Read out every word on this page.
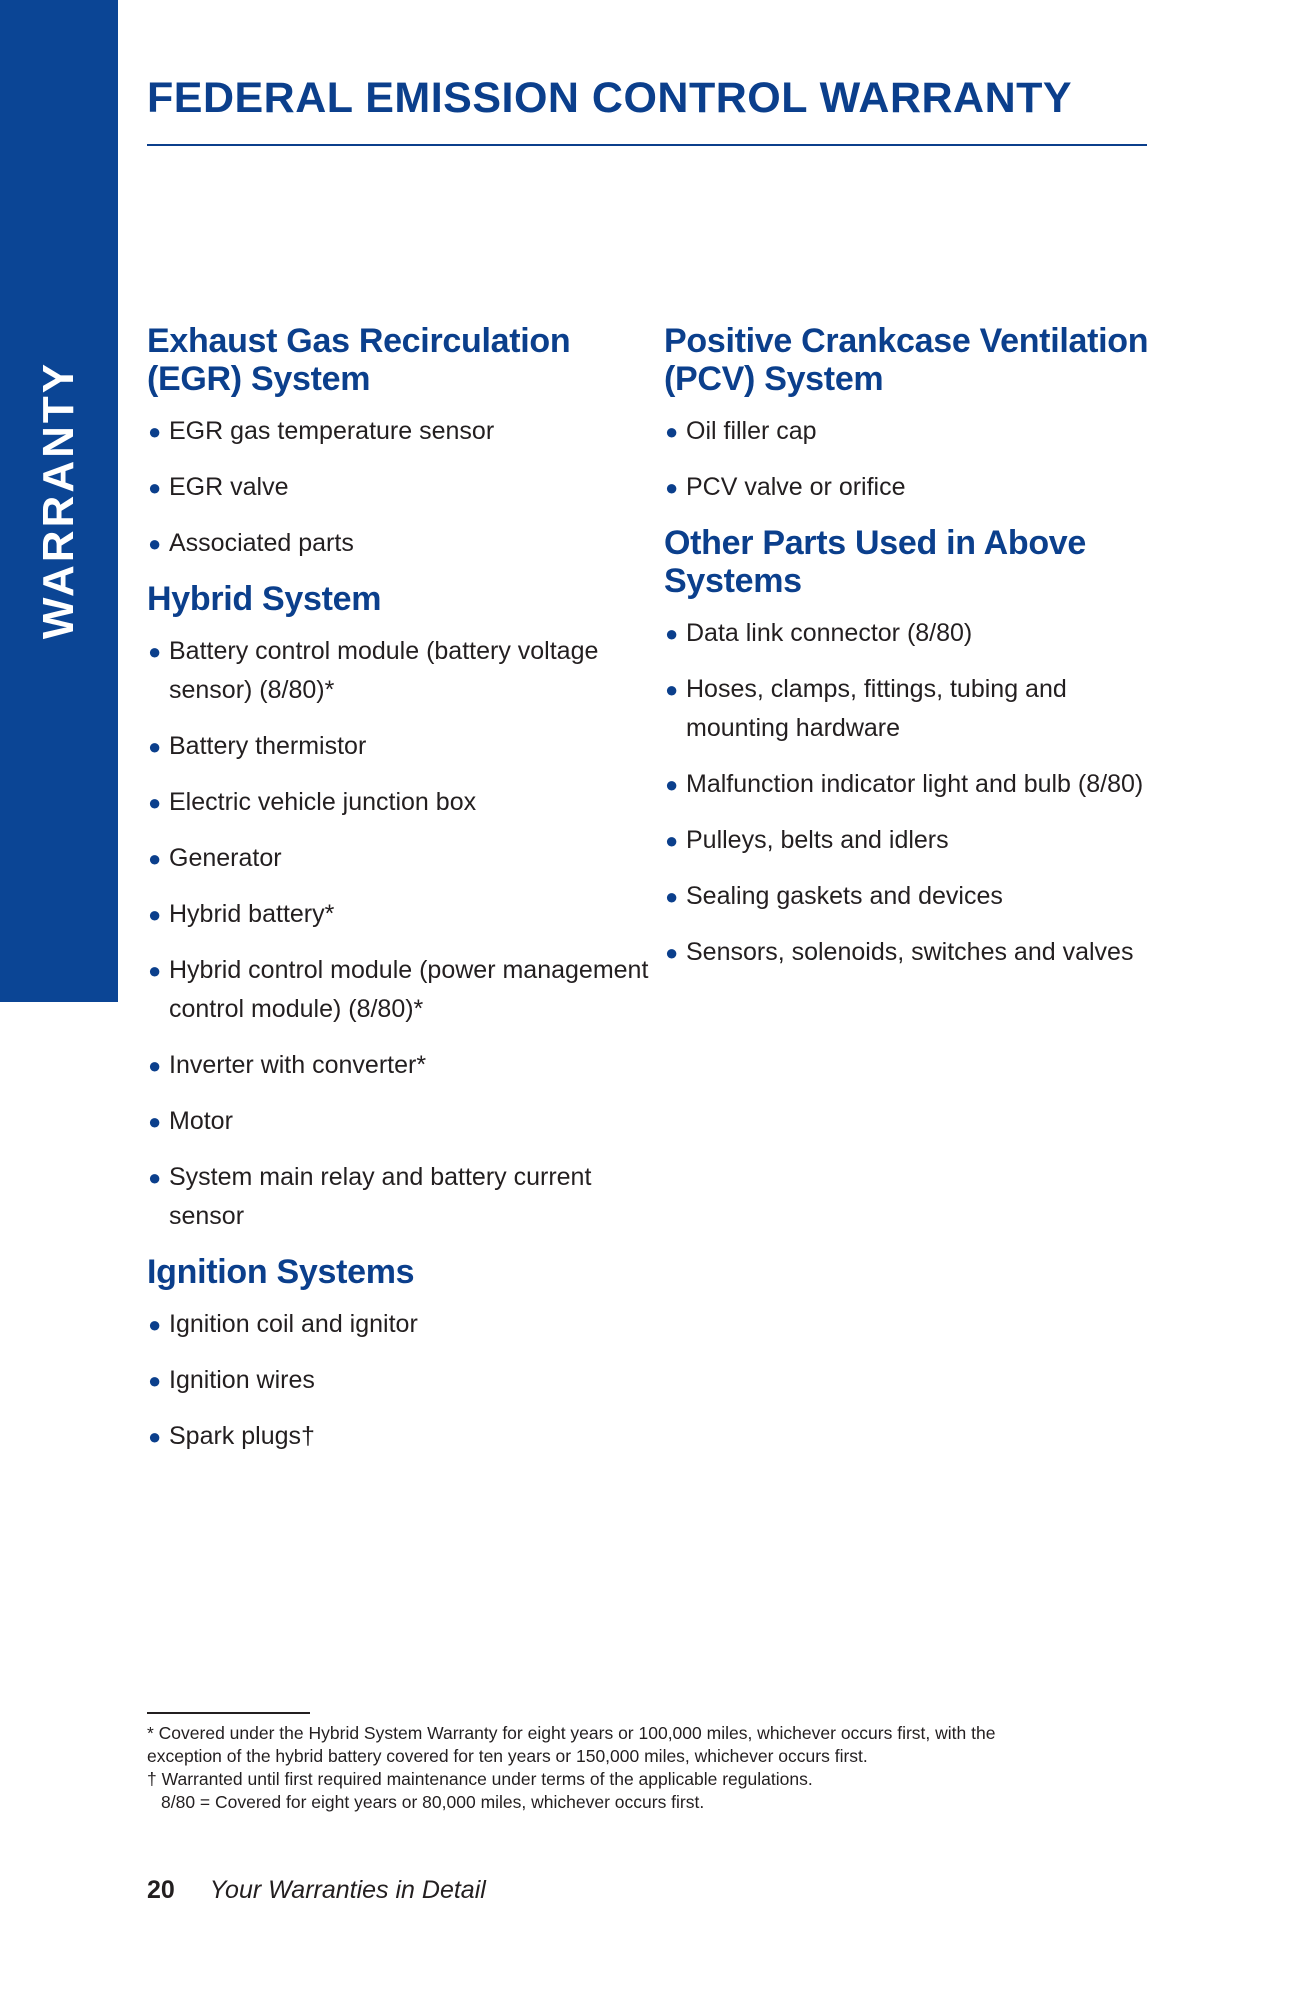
WARRANTY
FEDERAL EMISSION CONTROL WARRANTY
Exhaust Gas Recirculation (EGR) System
● EGR gas temperature sensor
● EGR valve
● Associated parts
Hybrid System
● Battery control module (battery voltage sensor) (8/80)*
● Battery thermistor
● Electric vehicle junction box
● Generator
● Hybrid battery*
● Hybrid control module (power management control module) (8/80)*
● Inverter with converter*
● Motor
● System main relay and battery current sensor
Ignition Systems
● Ignition coil and ignitor
● Ignition wires
● Spark plugs†
Positive Crankcase Ventilation (PCV) System
● Oil filler cap
● PCV valve or orifice
Other Parts Used in Above Systems
● Data link connector (8/80)
● Hoses, clamps, fittings, tubing and mounting hardware
● Malfunction indicator light and bulb (8/80)
● Pulleys, belts and idlers
● Sealing gaskets and devices
● Sensors, solenoids, switches and valves

* Covered under the Hybrid System Warranty for eight years or 100,000 miles, whichever occurs first, with the exception of the hybrid battery covered for ten years or 150,000 miles, whichever occurs first.

† Warranted until first required maintenance under terms of the applicable regulations.

8/80 = Covered for eight years or 80,000 miles, whichever occurs first.

20 Your Warranties in Detail
